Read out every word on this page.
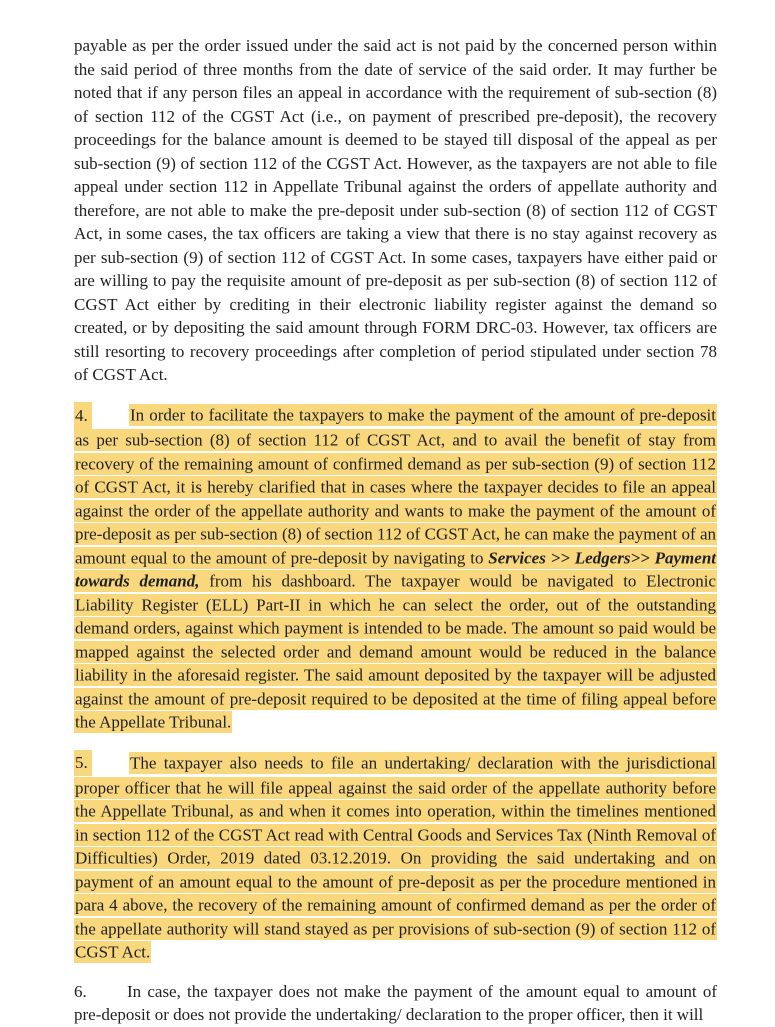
payable as per the order issued under the said act is not paid by the concerned person within the said period of three months from the date of service of the said order. It may further be noted that if any person files an appeal in accordance with the requirement of sub-section (8) of section 112 of the CGST Act (i.e., on payment of prescribed pre-deposit), the recovery proceedings for the balance amount is deemed to be stayed till disposal of the appeal as per sub-section (9) of section 112 of the CGST Act. However, as the taxpayers are not able to file appeal under section 112 in Appellate Tribunal against the orders of appellate authority and therefore, are not able to make the pre-deposit under sub-section (8) of section 112 of CGST Act, in some cases, the tax officers are taking a view that there is no stay against recovery as per sub-section (9) of section 112 of CGST Act. In some cases, taxpayers have either paid or are willing to pay the requisite amount of pre-deposit as per sub-section (8) of section 112 of CGST Act either by crediting in their electronic liability register against the demand so created, or by depositing the said amount through FORM DRC-03. However, tax officers are still resorting to recovery proceedings after completion of period stipulated under section 78 of CGST Act.

4. In order to facilitate the taxpayers to make the payment of the amount of pre-deposit as per sub-section (8) of section 112 of CGST Act, and to avail the benefit of stay from recovery of the remaining amount of confirmed demand as per sub-section (9) of section 112 of CGST Act, it is hereby clarified that in cases where the taxpayer decides to file an appeal against the order of the appellate authority and wants to make the payment of the amount of pre-deposit as per sub-section (8) of section 112 of CGST Act, he can make the payment of an amount equal to the amount of pre-deposit by navigating to Services >> Ledgers>> Payment towards demand, from his dashboard. The taxpayer would be navigated to Electronic Liability Register (ELL) Part-II in which he can select the order, out of the outstanding demand orders, against which payment is intended to be made. The amount so paid would be mapped against the selected order and demand amount would be reduced in the balance liability in the aforesaid register. The said amount deposited by the taxpayer will be adjusted against the amount of pre-deposit required to be deposited at the time of filing appeal before the Appellate Tribunal.

5. The taxpayer also needs to file an undertaking/ declaration with the jurisdictional proper officer that he will file appeal against the said order of the appellate authority before the Appellate Tribunal, as and when it comes into operation, within the timelines mentioned in section 112 of the CGST Act read with Central Goods and Services Tax (Ninth Removal of Difficulties) Order, 2019 dated 03.12.2019. On providing the said undertaking and on payment of an amount equal to the amount of pre-deposit as per the procedure mentioned in para 4 above, the recovery of the remaining amount of confirmed demand as per the order of the appellate authority will stand stayed as per provisions of sub-section (9) of section 112 of CGST Act.

6. In case, the taxpayer does not make the payment of the amount equal to amount of pre-deposit or does not provide the undertaking/ declaration to the proper officer, then it will
